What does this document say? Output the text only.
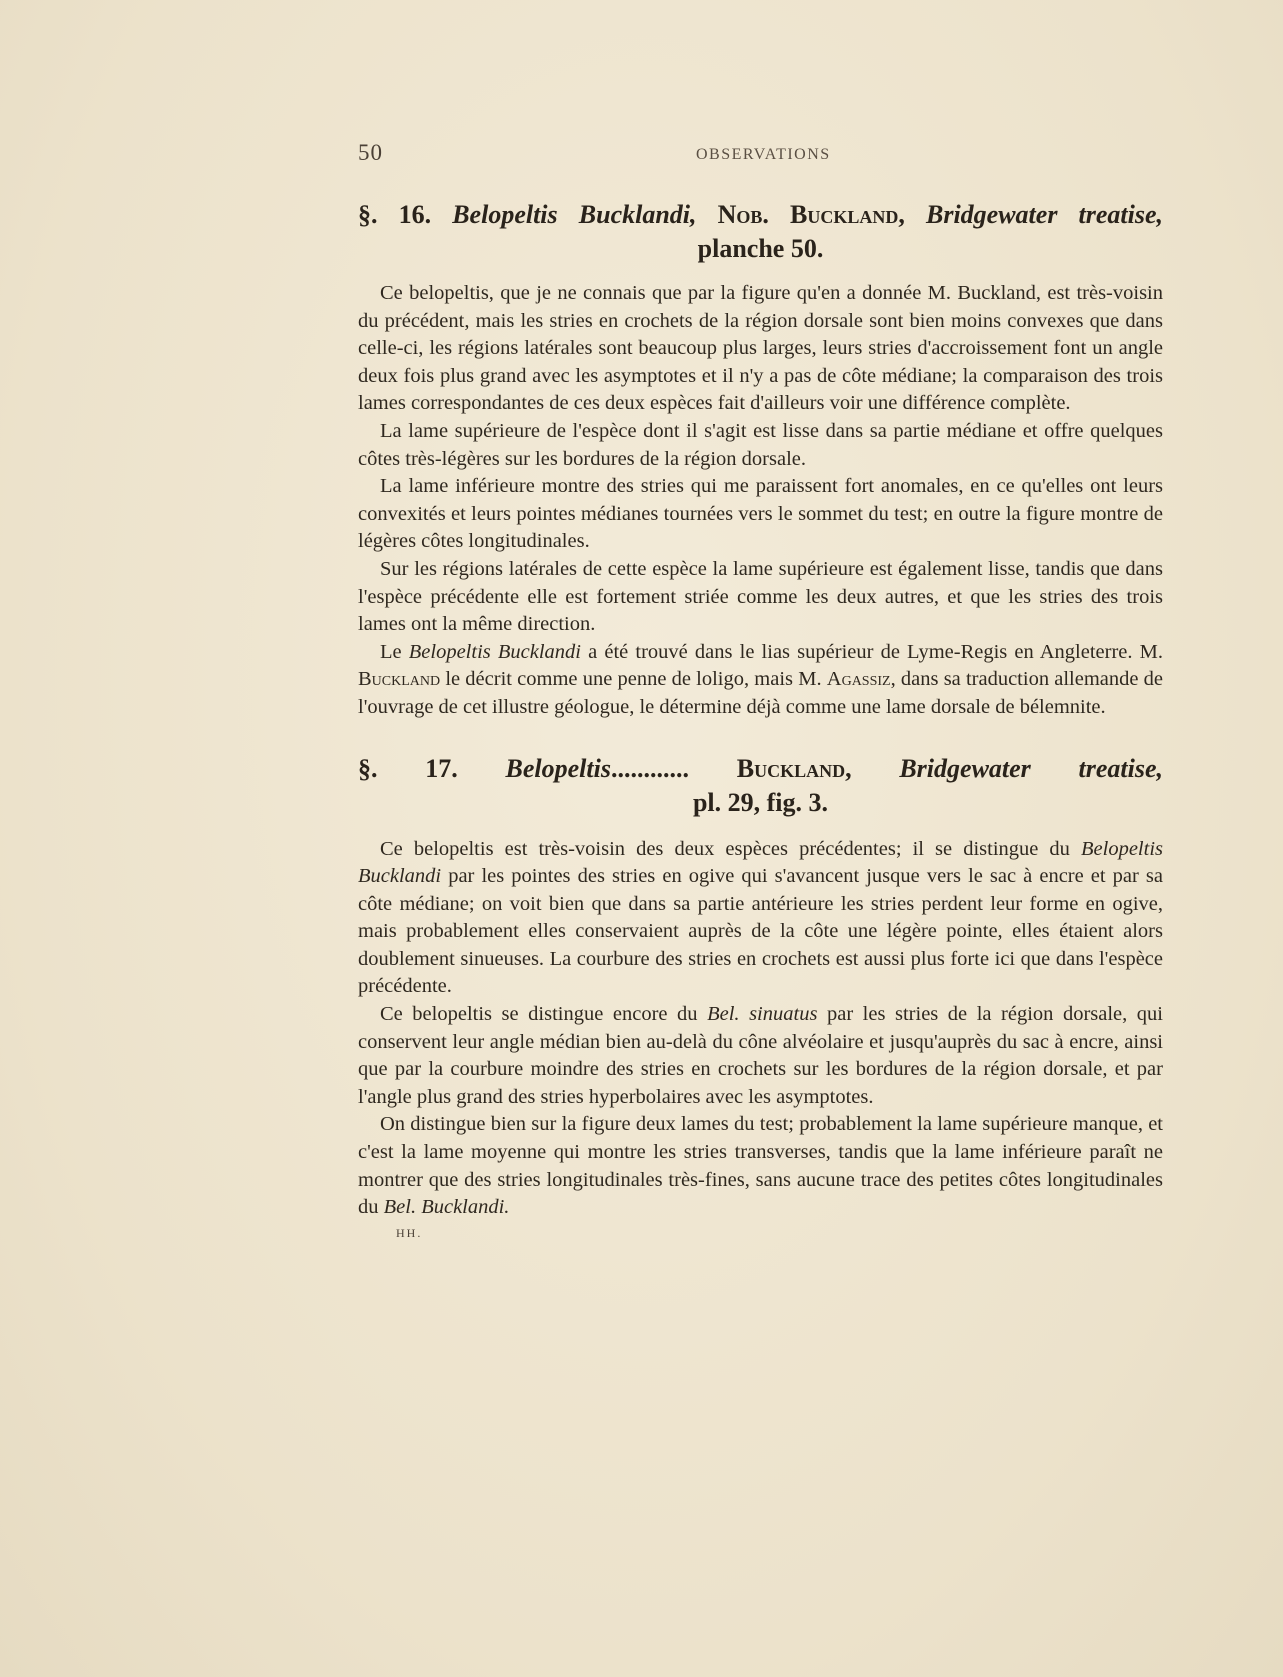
50	OBSERVATIONS
§. 16. Belopeltis Bucklandi, Nob. Buckland, Bridgewater treatise,
planche 50.

Ce belopeltis, que je ne connais que par la figure qu'en a donnée M. Buckland, est très-voisin du précédent, mais les stries en crochets de la région dorsale sont bien moins convexes que dans celle-ci, les régions latérales sont beaucoup plus larges, leurs stries d'accroissement font un angle deux fois plus grand avec les asymptotes et il n'y a pas de côte médiane; la comparaison des trois lames correspondantes de ces deux espèces fait d'ailleurs voir une différence complète.

La lame supérieure de l'espèce dont il s'agit est lisse dans sa partie médiane et offre quelques côtes très-légères sur les bordures de la région dorsale.

La lame inférieure montre des stries qui me paraissent fort anomales, en ce qu'elles ont leurs convexités et leurs pointes médianes tournées vers le sommet du test; en outre la figure montre de légères côtes longitudinales.

Sur les régions latérales de cette espèce la lame supérieure est également lisse, tandis que dans l'espèce précédente elle est fortement striée comme les deux autres, et que les stries des trois lames ont la même direction.

Le Belopeltis Bucklandi a été trouvé dans le lias supérieur de Lyme-Regis en Angleterre. M. Buckland le décrit comme une penne de loligo, mais M. Agassiz, dans sa traduction allemande de l'ouvrage de cet illustre géologue, le détermine déjà comme une lame dorsale de bélemnite.

§. 17. Belopeltis............ Buckland, Bridgewater treatise,
pl. 29, fig. 3.

Ce belopeltis est très-voisin des deux espèces précédentes; il se distingue du Belopeltis Bucklandi par les pointes des stries en ogive qui s'avancent jusque vers le sac à encre et par sa côte médiane; on voit bien que dans sa partie antérieure les stries perdent leur forme en ogive, mais probablement elles conservaient auprès de la côte une légère pointe, elles étaient alors doublement sinueuses. La courbure des stries en crochets est aussi plus forte ici que dans l'espèce précédente.

Ce belopeltis se distingue encore du Bel. sinuatus par les stries de la région dorsale, qui conservent leur angle médian bien au-delà du cône alvéolaire et jusqu'auprès du sac à encre, ainsi que par la courbure moindre des stries en crochets sur les bordures de la région dorsale, et par l'angle plus grand des stries hyperbolaires avec les asymptotes.

On distingue bien sur la figure deux lames du test; probablement la lame supérieure manque, et c'est la lame moyenne qui montre les stries transverses, tandis que la lame inférieure paraît ne montrer que des stries longitudinales très-fines, sans aucune trace des petites côtes longitudinales du Bel. Bucklandi.

HH.
